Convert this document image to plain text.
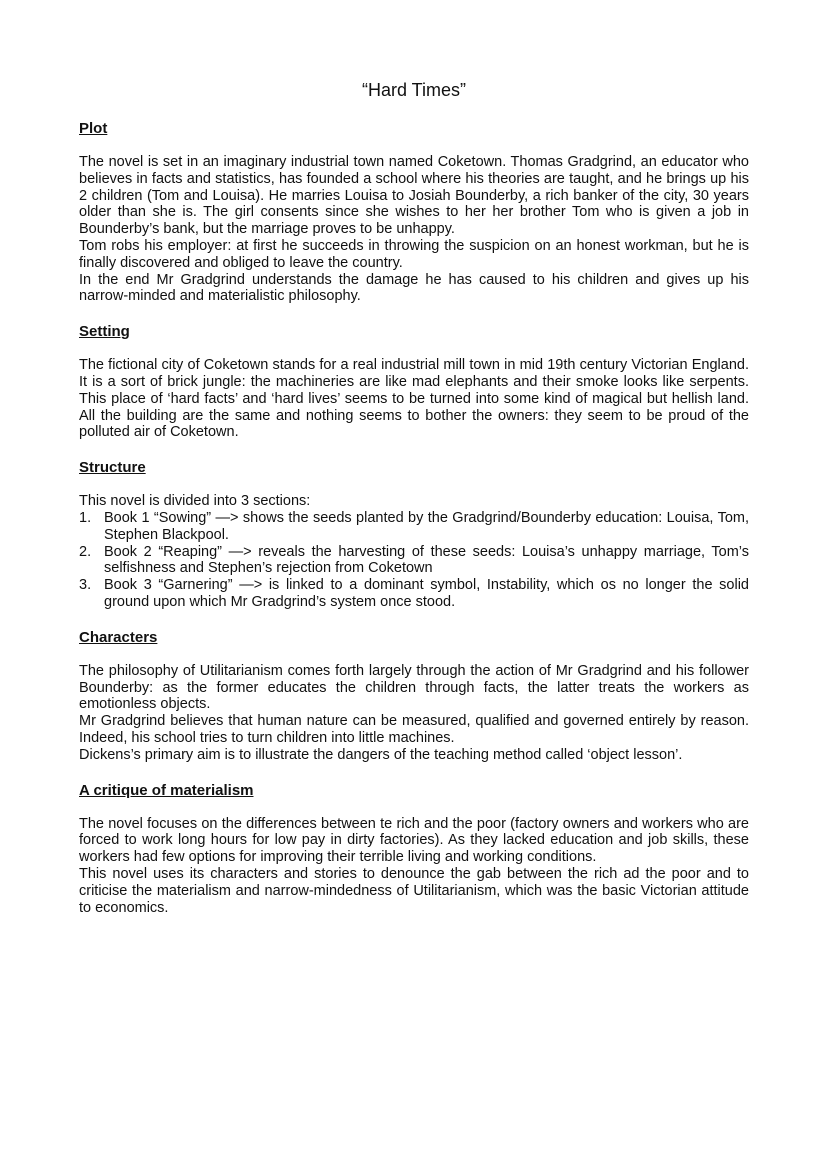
“Hard Times”
Plot

The novel is set in an imaginary industrial town named Coketown. Thomas Gradgrind, an educator who believes in facts and statistics, has founded a school where his theories are taught, and he brings up his 2 children (Tom and Louisa). He marries Louisa to Josiah Bounderby, a rich banker of the city, 30 years older than she is. The girl consents since she wishes to her her brother Tom who is given a job in Bounderby’s bank, but the marriage proves to be unhappy.

Tom robs his employer: at first he succeeds in throwing the suspicion on an honest workman, but he is finally discovered and obliged to leave the country.

In the end Mr Gradgrind understands the damage he has caused to his children and gives up his narrow-minded and materialistic philosophy.

Setting

The fictional city of Coketown stands for a real industrial mill town in mid 19th century Victorian England. It is a sort of brick jungle: the machineries are like mad elephants and their smoke looks like serpents. This place of ‘hard facts’ and ‘hard lives’ seems to be turned into some kind of magical but hellish land. All the building are the same and nothing seems to bother the owners: they seem to be proud of the polluted air of Coketown.

Structure

This novel is divided into 3 sections:

1. Book 1 “Sowing” —> shows the seeds planted by the Gradgrind/Bounderby education: Louisa, Tom, Stephen Blackpool.
2. Book 2 “Reaping” —> reveals the harvesting of these seeds: Louisa’s unhappy marriage, Tom’s selfishness and Stephen’s rejection from Coketown
3. Book 3 “Garnering” —> is linked to a dominant symbol, Instability, which os no longer the solid ground upon which Mr Gradgrind’s system once stood.
Characters

The philosophy of Utilitarianism comes forth largely through the action of Mr Gradgrind and his follower Bounderby: as the former educates the children through facts, the latter treats the workers as emotionless objects.

Mr Gradgrind believes that human nature can be measured, qualified and governed entirely by reason. Indeed, his school tries to turn children into little machines.

Dickens’s primary aim is to illustrate the dangers of the teaching method called ‘object lesson’.

A critique of materialism

The novel focuses on the differences between te rich and the poor (factory owners and workers who are forced to work long hours for low pay in dirty factories). As they lacked education and job skills, these workers had few options for improving their terrible living and working conditions.

This novel uses its characters and stories to denounce the gab between the rich ad the poor and to criticise the materialism and narrow-mindedness of Utilitarianism, which was the basic Victorian attitude to economics.
